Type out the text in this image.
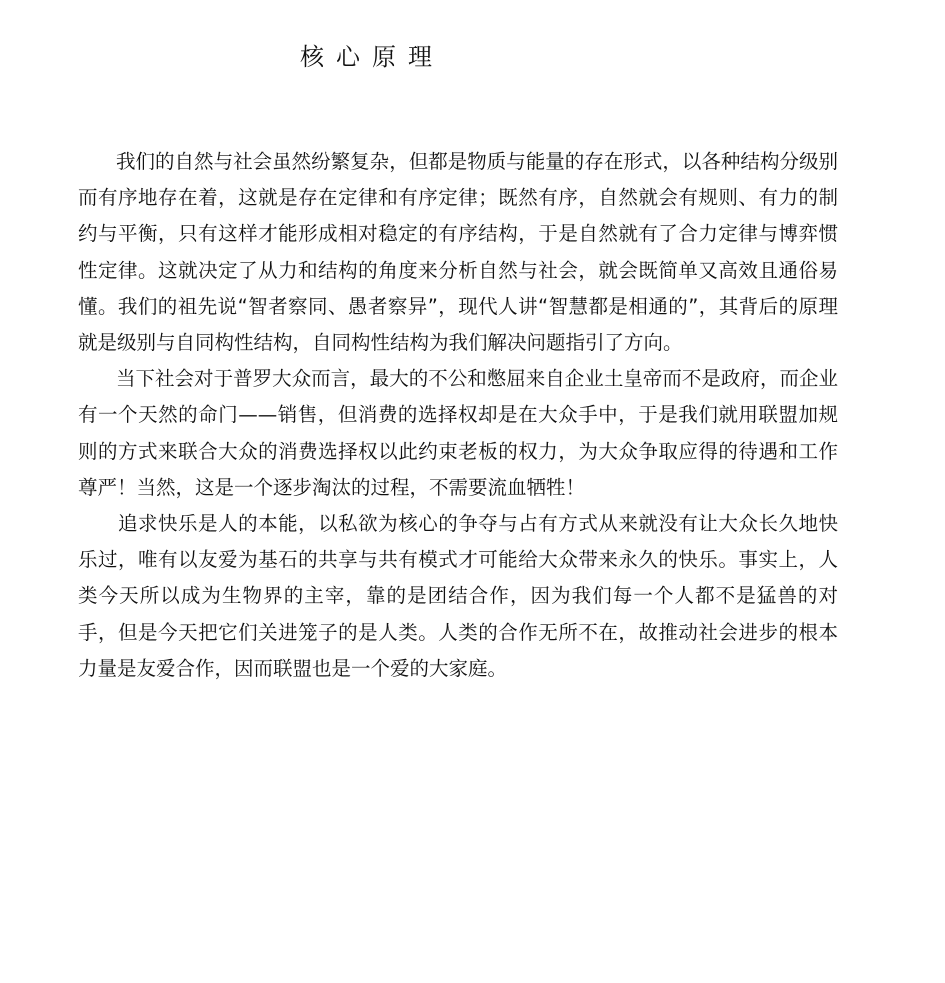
核心原理

我们的自然与社会虽然纷繁复杂，但都是物质与能量的存在形式，以各种结构分级别而有序地存在着，这就是存在定律和有序定律；既然有序，自然就会有规则、有力的制约与平衡，只有这样才能形成相对稳定的有序结构，于是自然就有了合力定律与博弈惯性定律。这就决定了从力和结构的角度来分析自然与社会，就会既简单又高效且通俗易懂。我们的祖先说“智者察同、愚者察异”，现代人讲“智慧都是相通的”，其背后的原理就是级别与自同构性结构，自同构性结构为我们解决问题指引了方向。

当下社会对于普罗大众而言，最大的不公和憋屈来自企业土皇帝而不是政府，而企业有一个天然的命门——销售，但消费的选择权却是在大众手中，于是我们就用联盟加规则的方式来联合大众的消费选择权以此约束老板的权力，为大众争取应得的待遇和工作尊严！当然，这是一个逐步淘汰的过程，不需要流血牺牲！

追求快乐是人的本能，以私欲为核心的争夺与占有方式从来就没有让大众长久地快乐过，唯有以友爱为基石的共享与共有模式才可能给大众带来永久的快乐。事实上，人类今天所以成为生物界的主宰，靠的是团结合作，因为我们每一个人都不是猛兽的对手，但是今天把它们关进笼子的是人类。人类的合作无所不在，故推动社会进步的根本力量是友爱合作，因而联盟也是一个爱的大家庭。
